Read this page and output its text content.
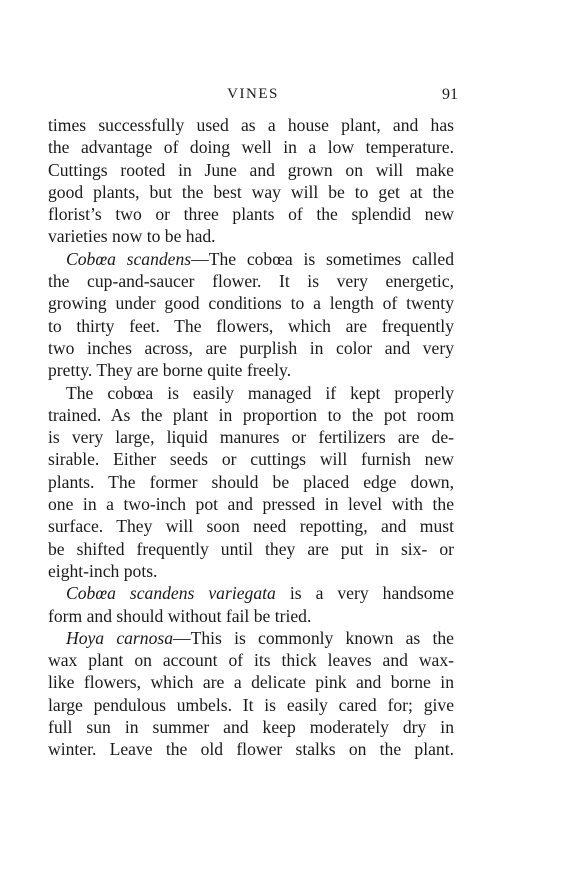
VINES	91
times successfully used as a house plant, and has
the advantage of doing well in a low temperature.
Cuttings rooted in June and grown on will make
good plants, but the best way will be to get at the
florist’s two or three plants of the splendid new
varieties now to be had.
Cobœa scandens—The cobœa is sometimes called
the cup-and-saucer flower. It is very energetic,
growing under good conditions to a length of twenty
to thirty feet. The flowers, which are frequently
two inches across, are purplish in color and very
pretty. They are borne quite freely.
The cobœa is easily managed if kept properly
trained. As the plant in proportion to the pot room
is very large, liquid manures or fertilizers are de-
sirable. Either seeds or cuttings will furnish new
plants. The former should be placed edge down,
one in a two-inch pot and pressed in level with the
surface. They will soon need repotting, and must
be shifted frequently until they are put in six- or
eight-inch pots.
Cobœa scandens variegata is a very handsome
form and should without fail be tried.
Hoya carnosa—This is commonly known as the
wax plant on account of its thick leaves and wax-
like flowers, which are a delicate pink and borne in
large pendulous umbels. It is easily cared for; give
full sun in summer and keep moderately dry in
winter. Leave the old flower stalks on the plant.
